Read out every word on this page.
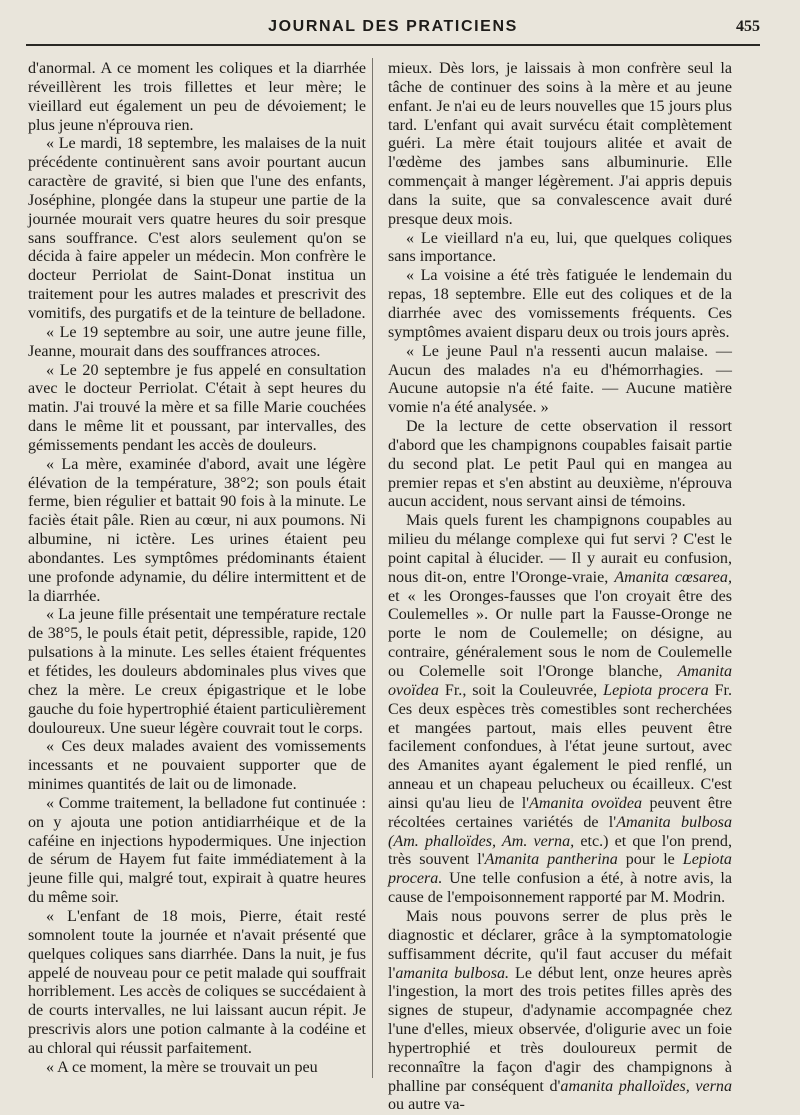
JOURNAL DES PRATICIENS	455

d'anormal. A ce moment les coliques et la diarrhée réveillèrent les trois fillettes et leur mère; le vieillard eut également un peu de dévoiement; le plus jeune n'éprouva rien.

« Le mardi, 18 septembre, les malaises de la nuit précédente continuèrent sans avoir pourtant aucun caractère de gravité, si bien que l'une des enfants, Joséphine, plongée dans la stupeur une partie de la journée mourait vers quatre heures du soir presque sans souffrance. C'est alors seulement qu'on se décida à faire appeler un médecin. Mon confrère le docteur Perriolat de Saint-Donat institua un traitement pour les autres malades et prescrivit des vomitifs, des purgatifs et de la teinture de belladone.

« Le 19 septembre au soir, une autre jeune fille, Jeanne, mourait dans des souffrances atroces.

« Le 20 septembre je fus appelé en consultation avec le docteur Perriolat. C'était à sept heures du matin. J'ai trouvé la mère et sa fille Marie couchées dans le même lit et poussant, par intervalles, des gémissements pendant les accès de douleurs.

« La mère, examinée d'abord, avait une légère élévation de la température, 38°2; son pouls était ferme, bien régulier et battait 90 fois à la minute. Le faciès était pâle. Rien au cœur, ni aux poumons. Ni albumine, ni ictère. Les urines étaient peu abondantes. Les symptômes prédominants étaient une profonde adynamie, du délire intermittent et de la diarrhée.

« La jeune fille présentait une température rectale de 38°5, le pouls était petit, dépressible, rapide, 120 pulsations à la minute. Les selles étaient fréquentes et fétides, les douleurs abdominales plus vives que chez la mère. Le creux épigastrique et le lobe gauche du foie hypertrophié étaient particulièrement douloureux. Une sueur légère couvrait tout le corps.

« Ces deux malades avaient des vomissements incessants et ne pouvaient supporter que de minimes quantités de lait ou de limonade.

« Comme traitement, la belladone fut continuée : on y ajouta une potion antidiarrhéique et de la caféine en injections hypodermiques. Une injection de sérum de Hayem fut faite immédiatement à la jeune fille qui, malgré tout, expirait à quatre heures du même soir.

« L'enfant de 18 mois, Pierre, était resté somnolent toute la journée et n'avait présenté que quelques coliques sans diarrhée. Dans la nuit, je fus appelé de nouveau pour ce petit malade qui souffrait horriblement. Les accès de coliques se succédaient à de courts intervalles, ne lui laissant aucun répit. Je prescrivis alors une potion calmante à la codéine et au chloral qui réussit parfaitement.

« A ce moment, la mère se trouvait un peu

mieux. Dès lors, je laissais à mon confrère seul la tâche de continuer des soins à la mère et au jeune enfant. Je n'ai eu de leurs nouvelles que 15 jours plus tard. L'enfant qui avait survécu était complètement guéri. La mère était toujours alitée et avait de l'œdème des jambes sans albuminurie. Elle commençait à manger légèrement. J'ai appris depuis dans la suite, que sa convalescence avait duré presque deux mois.

« Le vieillard n'a eu, lui, que quelques coliques sans importance.

« La voisine a été très fatiguée le lendemain du repas, 18 septembre. Elle eut des coliques et de la diarrhée avec des vomissements fréquents. Ces symptômes avaient disparu deux ou trois jours après.

« Le jeune Paul n'a ressenti aucun malaise. — Aucun des malades n'a eu d'hémorrhagies. — Aucune autopsie n'a été faite. — Aucune matière vomie n'a été analysée. »

De la lecture de cette observation il ressort d'abord que les champignons coupables faisait partie du second plat. Le petit Paul qui en mangea au premier repas et s'en abstint au deuxième, n'éprouva aucun accident, nous servant ainsi de témoins.

Mais quels furent les champignons coupables au milieu du mélange complexe qui fut servi ? C'est le point capital à élucider. — Il y aurait eu confusion, nous dit-on, entre l'Oronge-vraie, Amanita cœsarea, et « les Oronges-fausses que l'on croyait être des Coulemelles ». Or nulle part la Fausse-Oronge ne porte le nom de Coulemelle; on désigne, au contraire, généralement sous le nom de Coulemelle ou Colemelle soit l'Oronge blanche, Amanita ovoïdea Fr., soit la Couleuvrée, Lepiota procera Fr. Ces deux espèces très comestibles sont recherchées et mangées partout, mais elles peuvent être facilement confondues, à l'état jeune surtout, avec des Amanites ayant également le pied renflé, un anneau et un chapeau pelucheux ou écailleux. C'est ainsi qu'au lieu de l'Amanita ovoïdea peuvent être récoltées certaines variétés de l'Amanita bulbosa (Am. phalloïdes, Am. verna, etc.) et que l'on prend, très souvent l'Amanita pantherina pour le Lepiota procera. Une telle confusion a été, à notre avis, la cause de l'empoisonnement rapporté par M. Modrin.

Mais nous pouvons serrer de plus près le diagnostic et déclarer, grâce à la symptomatologie suffisamment décrite, qu'il faut accuser du méfait l'amanita bulbosa. Le début lent, onze heures après l'ingestion, la mort des trois petites filles après des signes de stupeur, d'adynamie accompagnée chez l'une d'elles, mieux observée, d'oligurie avec un foie hypertrophié et très douloureux permit de reconnaître la façon d'agir des champignons à phalline par conséquent d'amanita phalloïdes, verna ou autre va-
